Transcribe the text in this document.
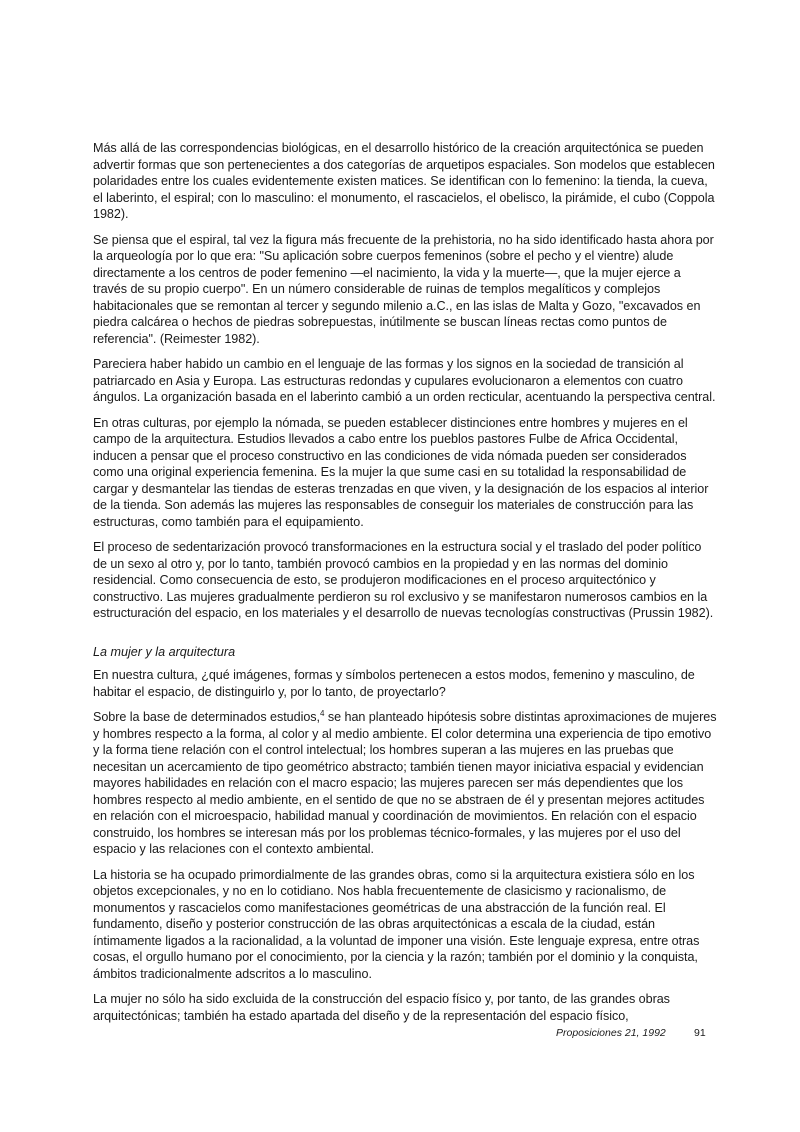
Más allá de las correspondencias biológicas, en el desarrollo histórico de la creación arquitectónica se pueden advertir formas que son pertenecientes a dos categorías de arquetipos espaciales. Son modelos que establecen polaridades entre los cuales evidentemente existen matices. Se identifican con lo femenino: la tienda, la cueva, el laberinto, el espiral; con lo masculino: el monumento, el rascacielos, el obelisco, la pirámide, el cubo (Coppola 1982).

Se piensa que el espiral, tal vez la figura más frecuente de la prehistoria, no ha sido identificado hasta ahora por la arqueología por lo que era: "Su aplicación sobre cuerpos femeninos (sobre el pecho y el vientre) alude directamente a los centros de poder femenino —el nacimiento, la vida y la muerte—, que la mujer ejerce a través de su propio cuerpo". En un número considerable de ruinas de templos megalíticos y complejos habitacionales que se remontan al tercer y segundo milenio a.C., en las islas de Malta y Gozo, "excavados en piedra calcárea o hechos de piedras sobrepuestas, inútilmente se buscan líneas rectas como puntos de referencia". (Reimester 1982).

Pareciera haber habido un cambio en el lenguaje de las formas y los signos en la sociedad de transición al patriarcado en Asia y Europa. Las estructuras redondas y cupulares evolucionaron a elementos con cuatro ángulos. La organización basada en el laberinto cambió a un orden recticular, acentuando la perspectiva central.

En otras culturas, por ejemplo la nómada, se pueden establecer distinciones entre hombres y mujeres en el campo de la arquitectura. Estudios llevados a cabo entre los pueblos pastores Fulbe de Africa Occidental, inducen a pensar que el proceso constructivo en las condiciones de vida nómada pueden ser considerados como una original experiencia femenina. Es la mujer la que sume casi en su totalidad la responsabilidad de cargar y desmantelar las tiendas de esteras trenzadas en que viven, y la designación de los espacios al interior de la tienda. Son además las mujeres las responsables de conseguir los materiales de construcción para las estructuras, como también para el equipamiento.

El proceso de sedentarización provocó transformaciones en la estructura social y el traslado del poder político de un sexo al otro y, por lo tanto, también provocó cambios en la propiedad y en las normas del dominio residencial. Como consecuencia de esto, se produjeron modificaciones en el proceso arquitectónico y constructivo. Las mujeres gradualmente perdieron su rol exclusivo y se manifestaron numerosos cambios en la estructuración del espacio, en los materiales y el desarrollo de nuevas tecnologías constructivas (Prussin 1982).

La mujer y la arquitectura

En nuestra cultura, ¿qué imágenes, formas y símbolos pertenecen a estos modos, femenino y masculino, de habitar el espacio, de distinguirlo y, por lo tanto, de proyectarlo?

Sobre la base de determinados estudios,$^4$ se han planteado hipótesis sobre distintas aproximaciones de mujeres y hombres respecto a la forma, al color y al medio ambiente. El color determina una experiencia de tipo emotivo y la forma tiene relación con el control intelectual; los hombres superan a las mujeres en las pruebas que necesitan un acercamiento de tipo geométrico abstracto; también tienen mayor iniciativa espacial y evidencian mayores habilidades en relación con el macro espacio; las mujeres parecen ser más dependientes que los hombres respecto al medio ambiente, en el sentido de que no se abstraen de él y presentan mejores actitudes en relación con el microespacio, habilidad manual y coordinación de movimientos. En relación con el espacio construido, los hombres se interesan más por los problemas técnico-formales, y las mujeres por el uso del espacio y las relaciones con el contexto ambiental.

La historia se ha ocupado primordialmente de las grandes obras, como si la arquitectura existiera sólo en los objetos excepcionales, y no en lo cotidiano. Nos habla frecuentemente de clasicismo y racionalismo, de monumentos y rascacielos como manifestaciones geométricas de una abstracción de la función real. El fundamento, diseño y posterior construcción de las obras arquitectónicas a escala de la ciudad, están íntimamente ligados a la racionalidad, a la voluntad de imponer una visión. Este lenguaje expresa, entre otras cosas, el orgullo humano por el conocimiento, por la ciencia y la razón; también por el dominio y la conquista, ámbitos tradicionalmente adscritos a lo masculino.

La mujer no sólo ha sido excluida de la construcción del espacio físico y, por tanto, de las grandes obras arquitectónicas; también ha estado apartada del diseño y de la representación del espacio físico,

Proposiciones 21, 1992	91
